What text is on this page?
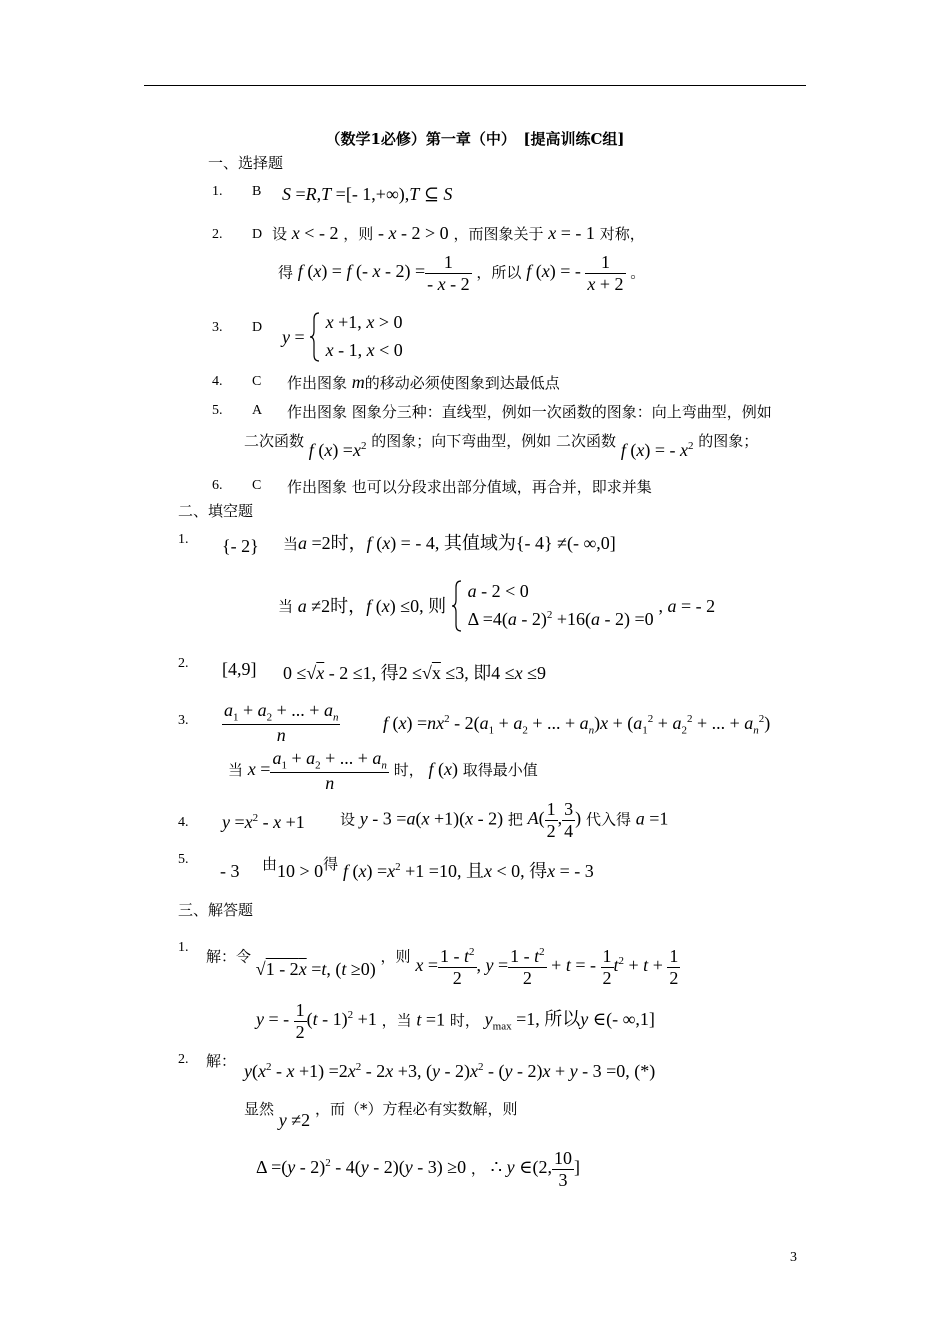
（数学1必修）第一章（中）　[提高训练C组]
一、选择题
1. B S =R,T =[- 1,+∞),T ⊆ S
2. D 设 x < - 2 ，则 - x - 2 > 0 ，而图象关于 x = - 1 对称，
得 f (x) = f (- $x - 2) = \frac{1}{- x - 2}$ ，所以 f (x) = - $\frac{1}{x + 2}$ 。
3. D y =  x +1, x > 0
x - 1, x < 0
4. C 作出图象 m的移动必须使图象到达最低点
5. A 作出图象 图象分三种：直线型，例如一次函数的图象：向上弯曲型，例如
二次函数 f $(x) =x^2$ 的图象；向下弯曲型，例如 二次函数 f (x) = - $x^2$ 的图象；
6. C 作出图象 也可以分段求出部分值域，再合并，即求并集
二、填空题
1. {- 2} 当a =2时，f (x) = - 4, 其值域为{- 4} ≠(- ∞,0]
当 a ≠2时，f (x) ≤0, 则  a - 2 < 0
Δ =4(a - 2)$^2$ +16(a - 2) =0 , a = - 2
2. [4,9] 0 ≤√x - 2 ≤1, 得2 ≤√x ≤3, 即4 ≤x ≤9
3. $\frac{a_1 + a_2 + ... + a_n}{n}$ f $(x) =nx^2 - 2(a_1 + a_2$ + ... + $a_n)x + (a_1^2 + a_2^2$ + ... + $a_n^2$)
当 $x = \frac{a_1 + a_2 + ... + a_n}{n}$ 时， f (x) 取得最小值
4. $y =x^2 - x +1$ 设 y - 3 =a(x +1)(x - 2) 把 $A( \frac{1}{2}$ , $\frac{3}{4}$ ) 代入得 a =1
5.
- 3 由10 > 0得 f $(x) =x^2 +1 =10$, 且x < 0, 得x = - 3
三、解答题
1. 解：令 √1 - 2x =t, (t ≥0) ，则 $x = \frac{1 - t^2}{2}$ , $y = \frac{1 - t^2}{2} + t$ = - $\frac{1}{2} t^2 + t + \frac{1}{2}$
y = - $\frac{1}{2} (t - 1)^2 +1$ ，当 t =1 时， $y_{max} =1$, 所以y ∈(- ∞,1]
2. 解： $y(x^2 - x +1) =2x^2 - 2x +3$, $(y - 2)x^2 - (y - 2)x + y - 3 =0$, (*)
显然 y ≠2 ，而（*）方程必有实数解，则
Δ =(y - 2)$^2$ - 4(y - 2)(y - 3) ≥0 ， ∴ y ∈(2, $\frac{10}{3}$ ]
3
